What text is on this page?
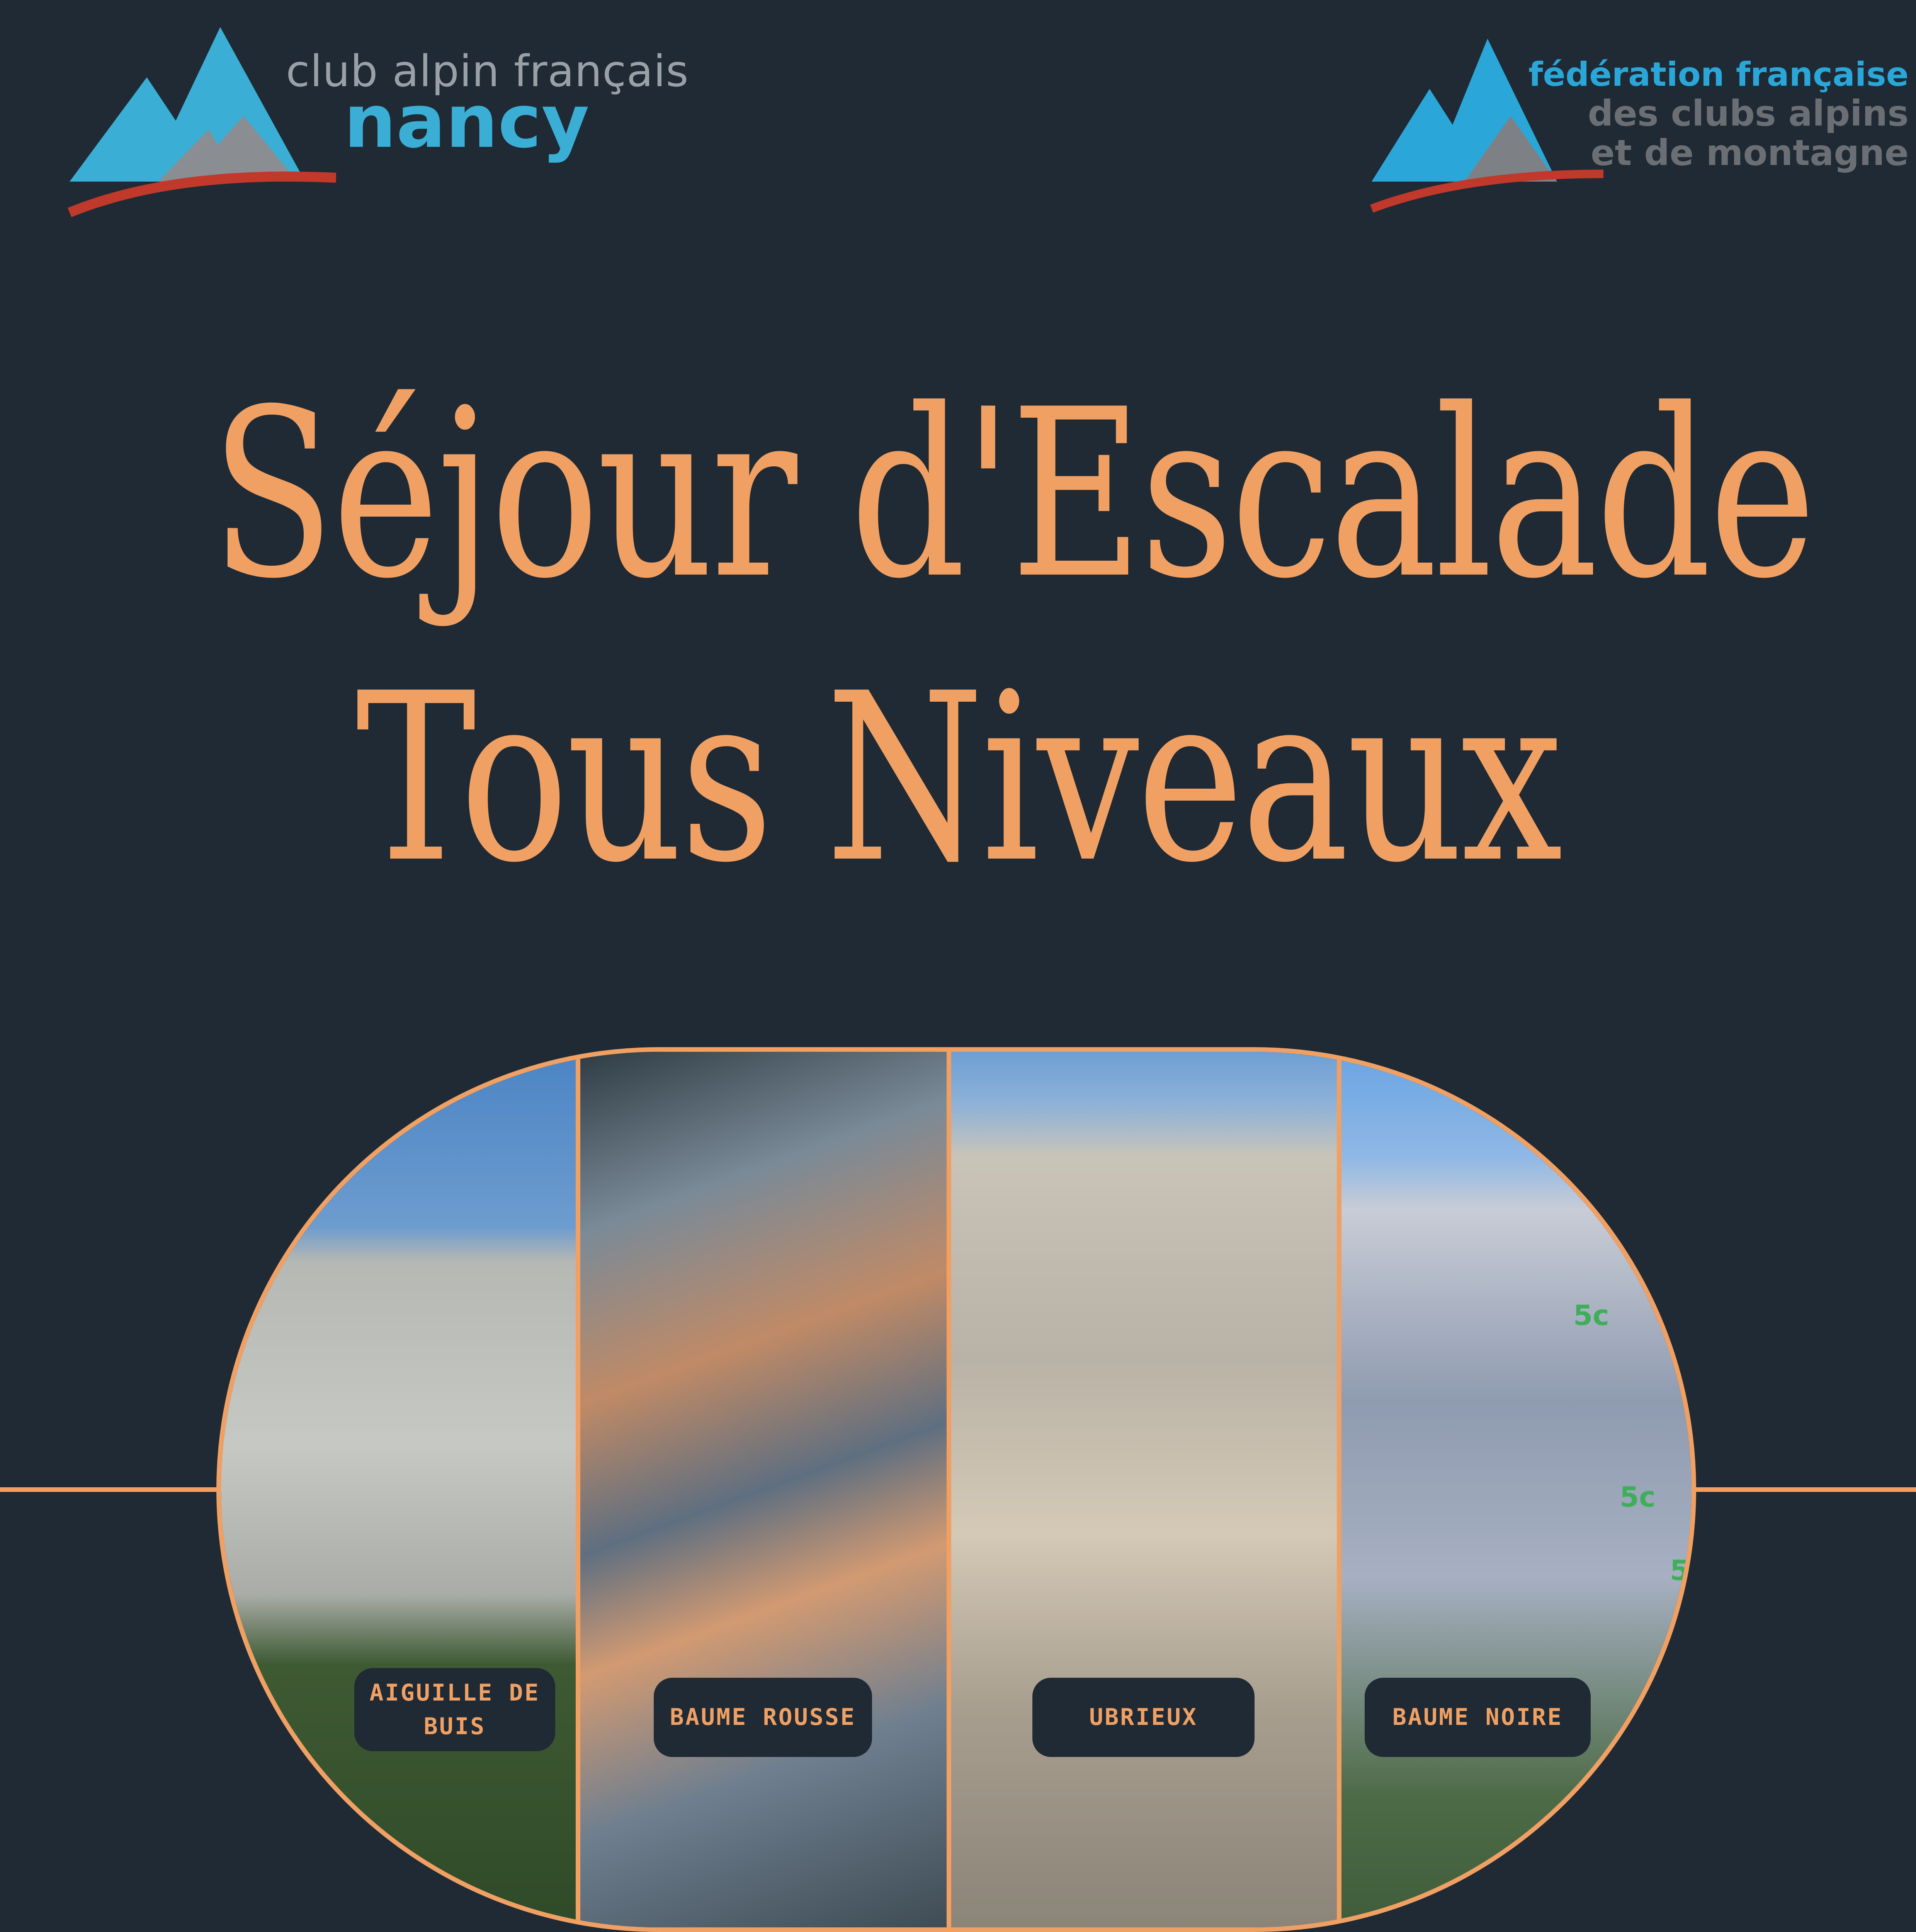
club alpin français
nancy
fédération française
des clubs alpins
et de montagne
Séjour d'Escalade
Tous Niveaux
5c
5c
5
AIGUILLE DE
BUIS	BAUME ROUSSE	UBRIEUX	BAUME NOIRE
